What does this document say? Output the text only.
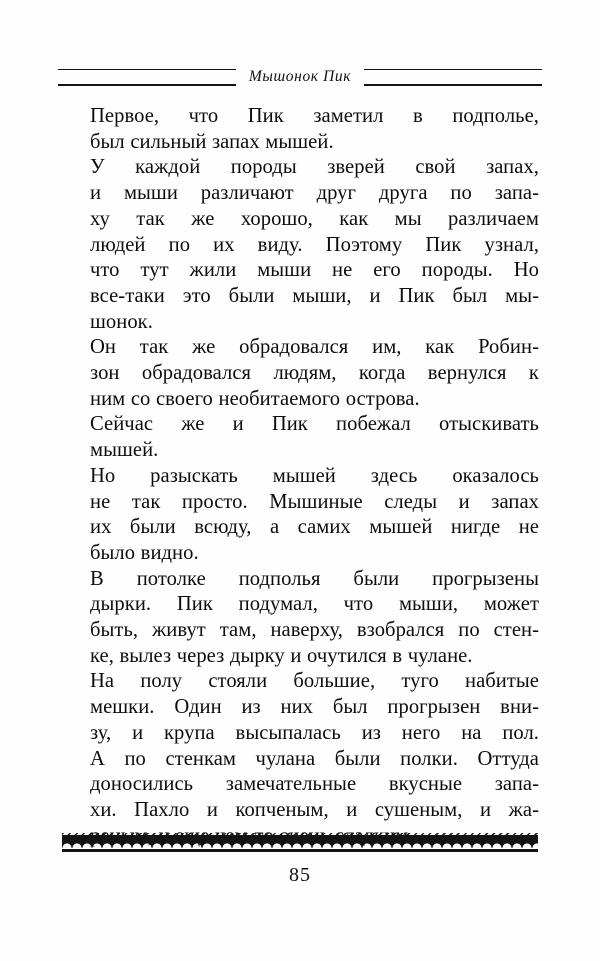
Мышонок Пик

Первое, что Пик заметил в подполье,
был сильный запах мышей.

У каждой породы зверей свой запах,
и мыши различают друг друга по запа-
ху так же хорошо, как мы различаем
людей по их виду. Поэтому Пик узнал,
что тут жили мыши не его породы. Но
все-таки это были мыши, и Пик был мы-
шонок.

Он так же обрадовался им, как Робин-
зон обрадовался людям, когда вернулся к
ним со своего необитаемого острова.

Сейчас же и Пик побежал отыскивать
мышей.

Но разыскать мышей здесь оказалось
не так просто. Мышиные следы и запах
их были всюду, а самих мышей нигде не
было видно.

В потолке подполья были прогрызены
дырки. Пик подумал, что мыши, может
быть, живут там, наверху, взобрался по стен-
ке, вылез через дырку и очутился в чулане.

На полу стояли большие, туго набитые
мешки. Один из них был прогрызен вни-
зу, и крупа высыпалась из него на пол.
А по стенкам чулана были полки. Оттуда
доносились замечательные вкусные запа-
хи. Пахло и копченым, и сушеным, и жа-

85
